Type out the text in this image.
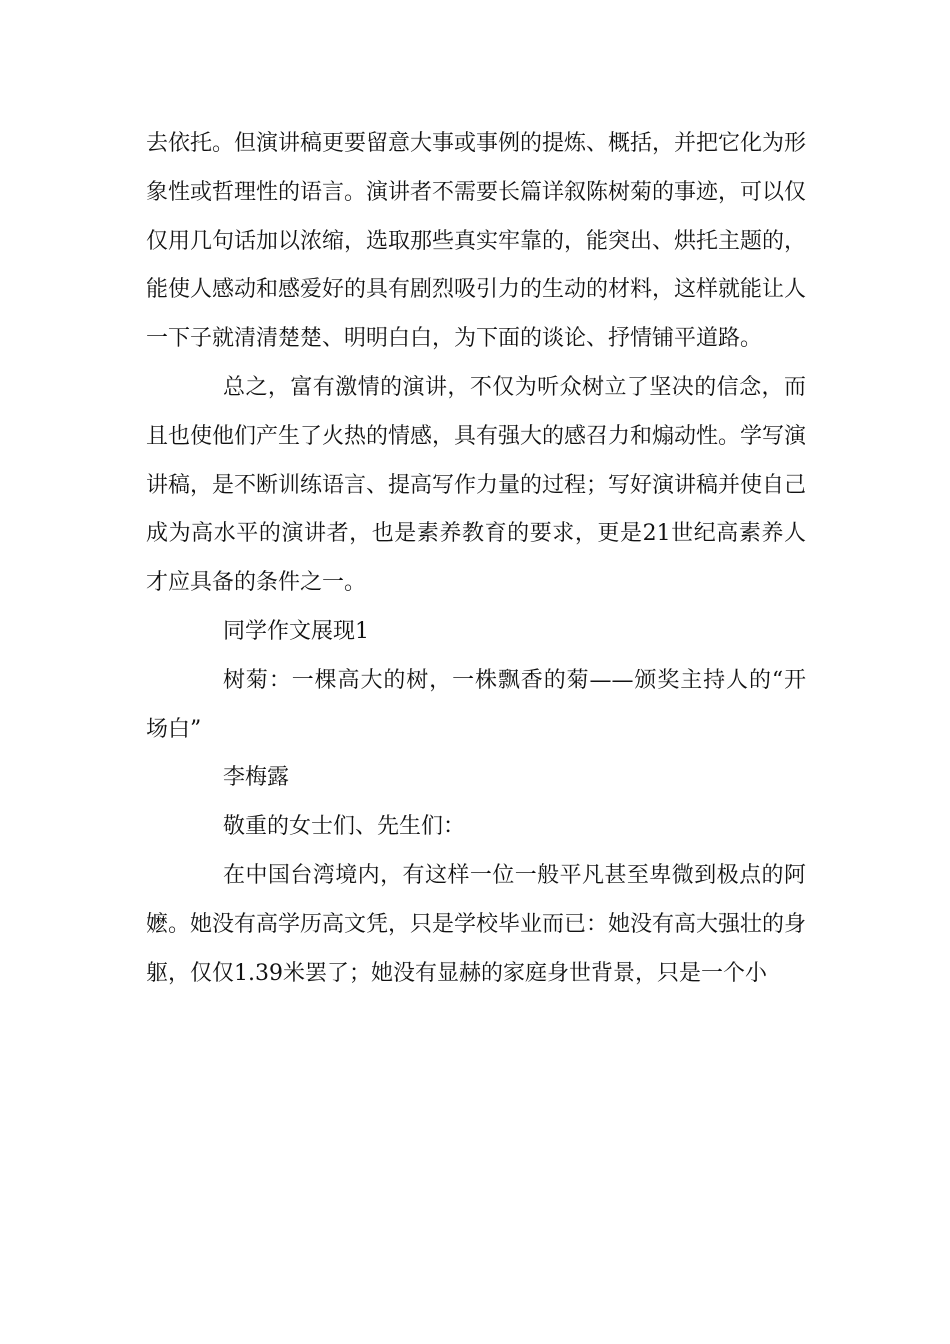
去依托。但演讲稿更要留意大事或事例的提炼、概括，并把它化为形象性或哲理性的语言。演讲者不需要长篇详叙陈树菊的事迹，可以仅仅用几句话加以浓缩，选取那些真实牢靠的，能突出、烘托主题的，能使人感动和感爱好的具有剧烈吸引力的生动的材料，这样就能让人一下子就清清楚楚、明明白白，为下面的谈论、抒情铺平道路。

总之，富有激情的演讲，不仅为听众树立了坚决的信念，而且也使他们产生了火热的情感，具有强大的感召力和煽动性。学写演讲稿，是不断训练语言、提高写作力量的过程；写好演讲稿并使自己成为高水平的演讲者，也是素养教育的要求，更是21世纪高素养人才应具备的条件之一。

同学作文展现1

树菊：一棵高大的树，一株飘香的菊——颁奖主持人的“开场白”

李梅露

敬重的女士们、先生们：

在中国台湾境内，有这样一位一般平凡甚至卑微到极点的阿嬷。她没有高学历高文凭，只是学校毕业而已：她没有高大强壮的身躯，仅仅1.39米罢了；她没有显赫的家庭身世背景，只是一个小
